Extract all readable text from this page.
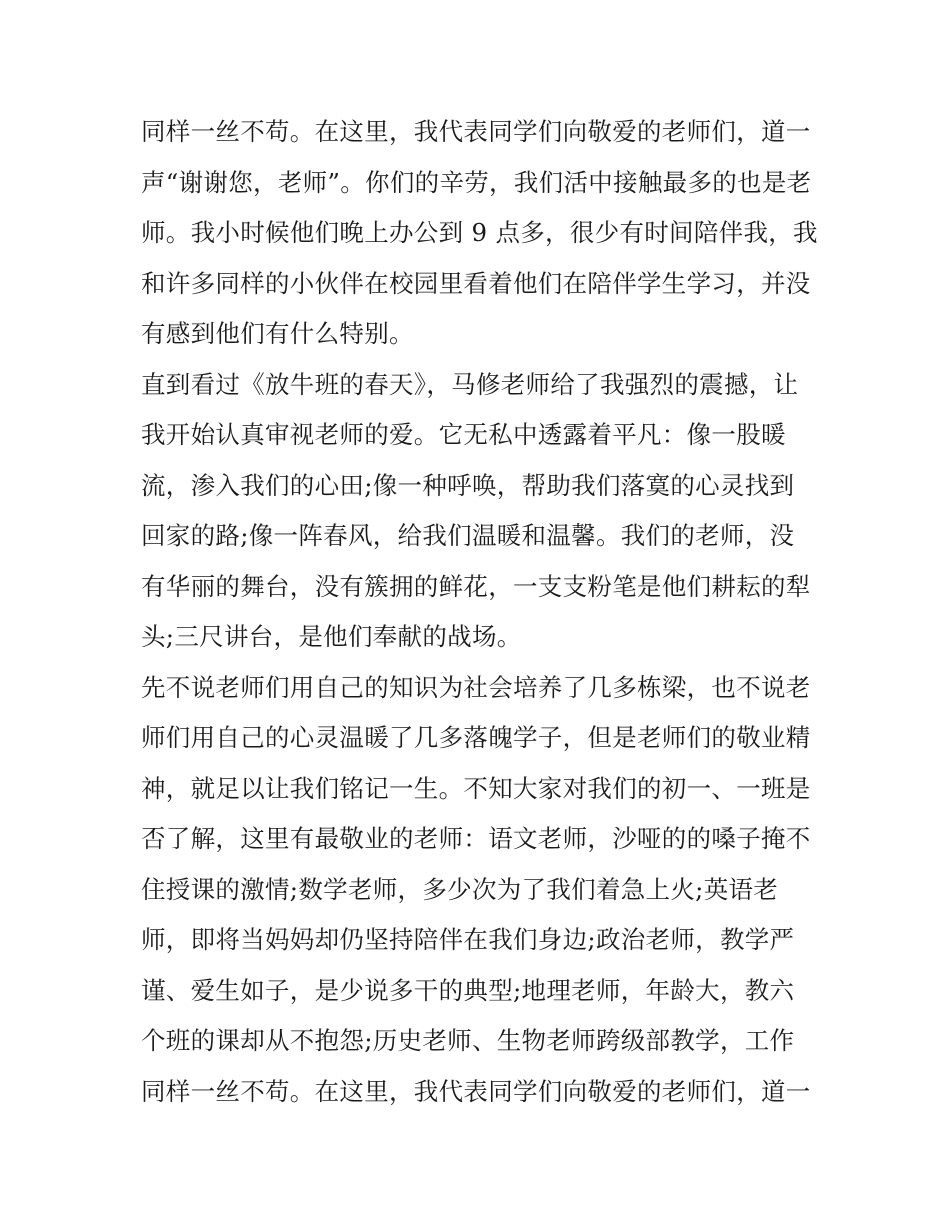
同样一丝不苟。在这里，我代表同学们向敬爱的老师们，道一
声“谢谢您，老师”。你们的辛劳，我们活中接触最多的也是老
师。我小时候他们晚上办公到 9 点多，很少有时间陪伴我，我
和许多同样的小伙伴在校园里看着他们在陪伴学生学习，并没
有感到他们有什么特别。
直到看过《放牛班的春天》，马修老师给了我强烈的震撼，让
我开始认真审视老师的爱。它无私中透露着平凡：像一股暖
流，渗入我们的心田;像一种呼唤，帮助我们落寞的心灵找到
回家的路;像一阵春风，给我们温暖和温馨。我们的老师，没
有华丽的舞台，没有簇拥的鲜花，一支支粉笔是他们耕耘的犁
头;三尺讲台，是他们奉献的战场。
先不说老师们用自己的知识为社会培养了几多栋梁，也不说老
师们用自己的心灵温暖了几多落魄学子，但是老师们的敬业精
神，就足以让我们铭记一生。不知大家对我们的初一、一班是
否了解，这里有最敬业的老师：语文老师，沙哑的的嗓子掩不
住授课的激情;数学老师，多少次为了我们着急上火;英语老
师，即将当妈妈却仍坚持陪伴在我们身边;政治老师，教学严
谨、爱生如子，是少说多干的典型;地理老师，年龄大，教六
个班的课却从不抱怨;历史老师、生物老师跨级部教学，工作
同样一丝不苟。在这里，我代表同学们向敬爱的老师们，道一
